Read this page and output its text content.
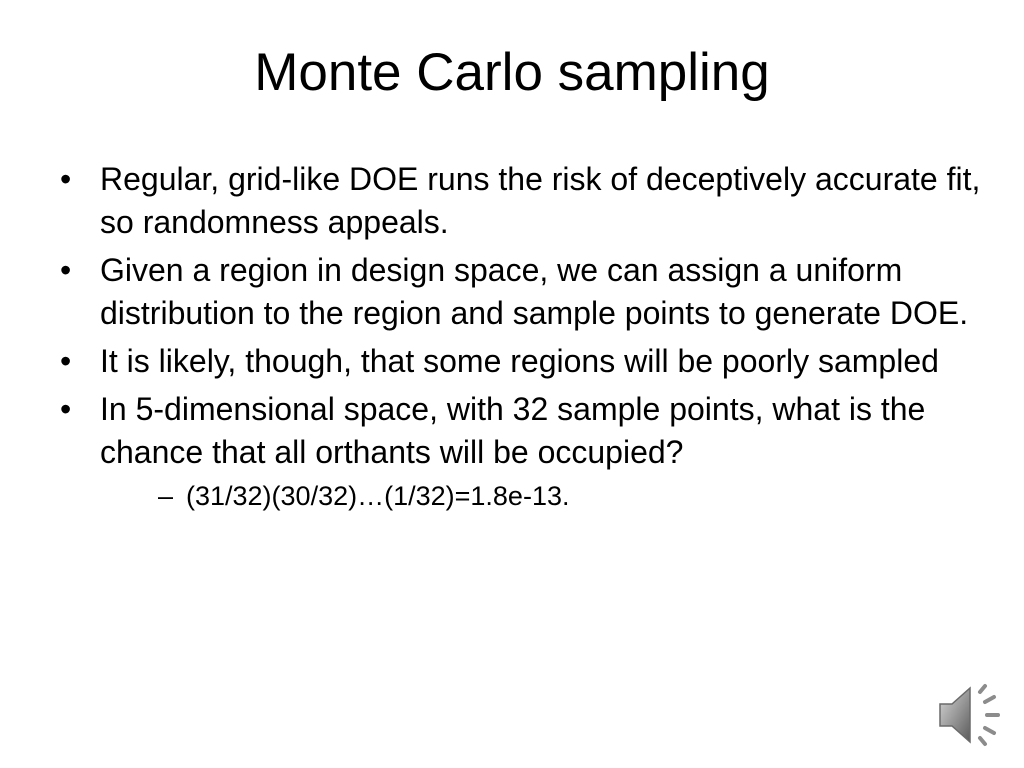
Monte Carlo sampling
• Regular, grid-like DOE runs the risk of deceptively accurate fit, so randomness appeals.
• Given a region in design space, we can assign a uniform distribution to the region and sample points to generate DOE.
• It is likely, though, that some regions will be poorly sampled
• In 5-dimensional space, with 32 sample points, what is the chance that all orthants will be occupied?
– (31/32)(30/32)…(1/32)=1.8e-13.
